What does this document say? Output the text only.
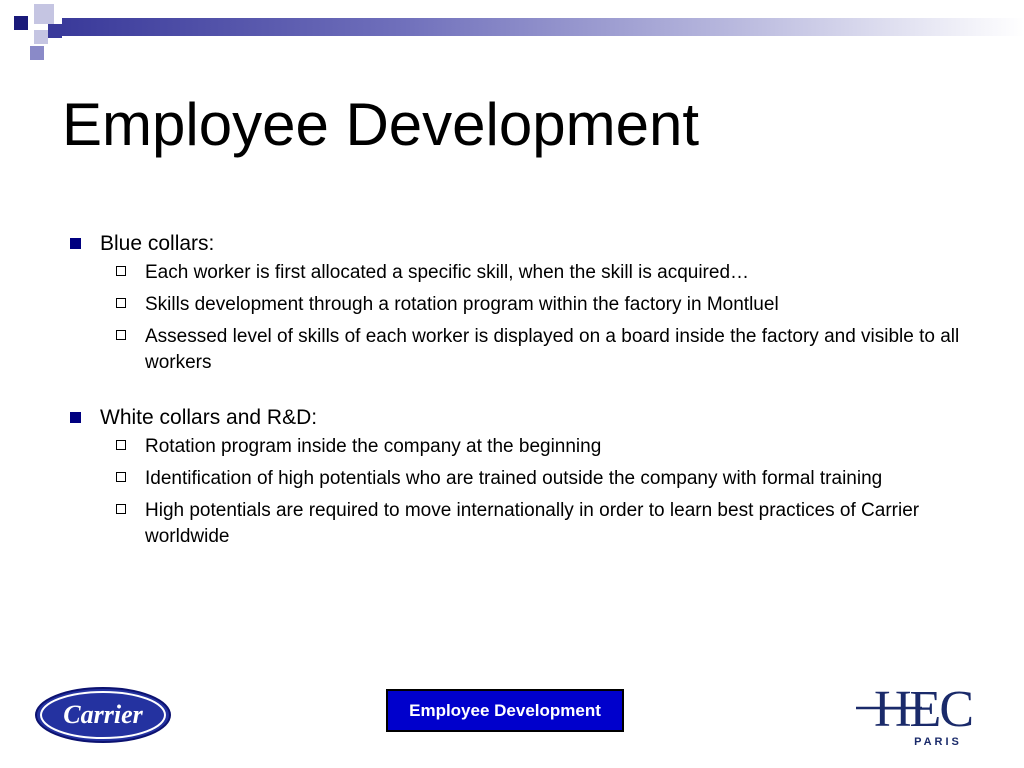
Employee Development
Blue collars:
Each worker is first allocated a specific skill, when the skill is acquired…
Skills development through a rotation program within the factory in Montluel
Assessed level of skills of each worker is displayed on a board inside the factory and visible to all workers
White collars and R&D:
Rotation program inside the company at the beginning
Identification of high potentials who are trained outside the company with formal training
High potentials are required to move internationally in order to learn best practices of Carrier worldwide
Carrier	Employee Development	HEC
PARIS
